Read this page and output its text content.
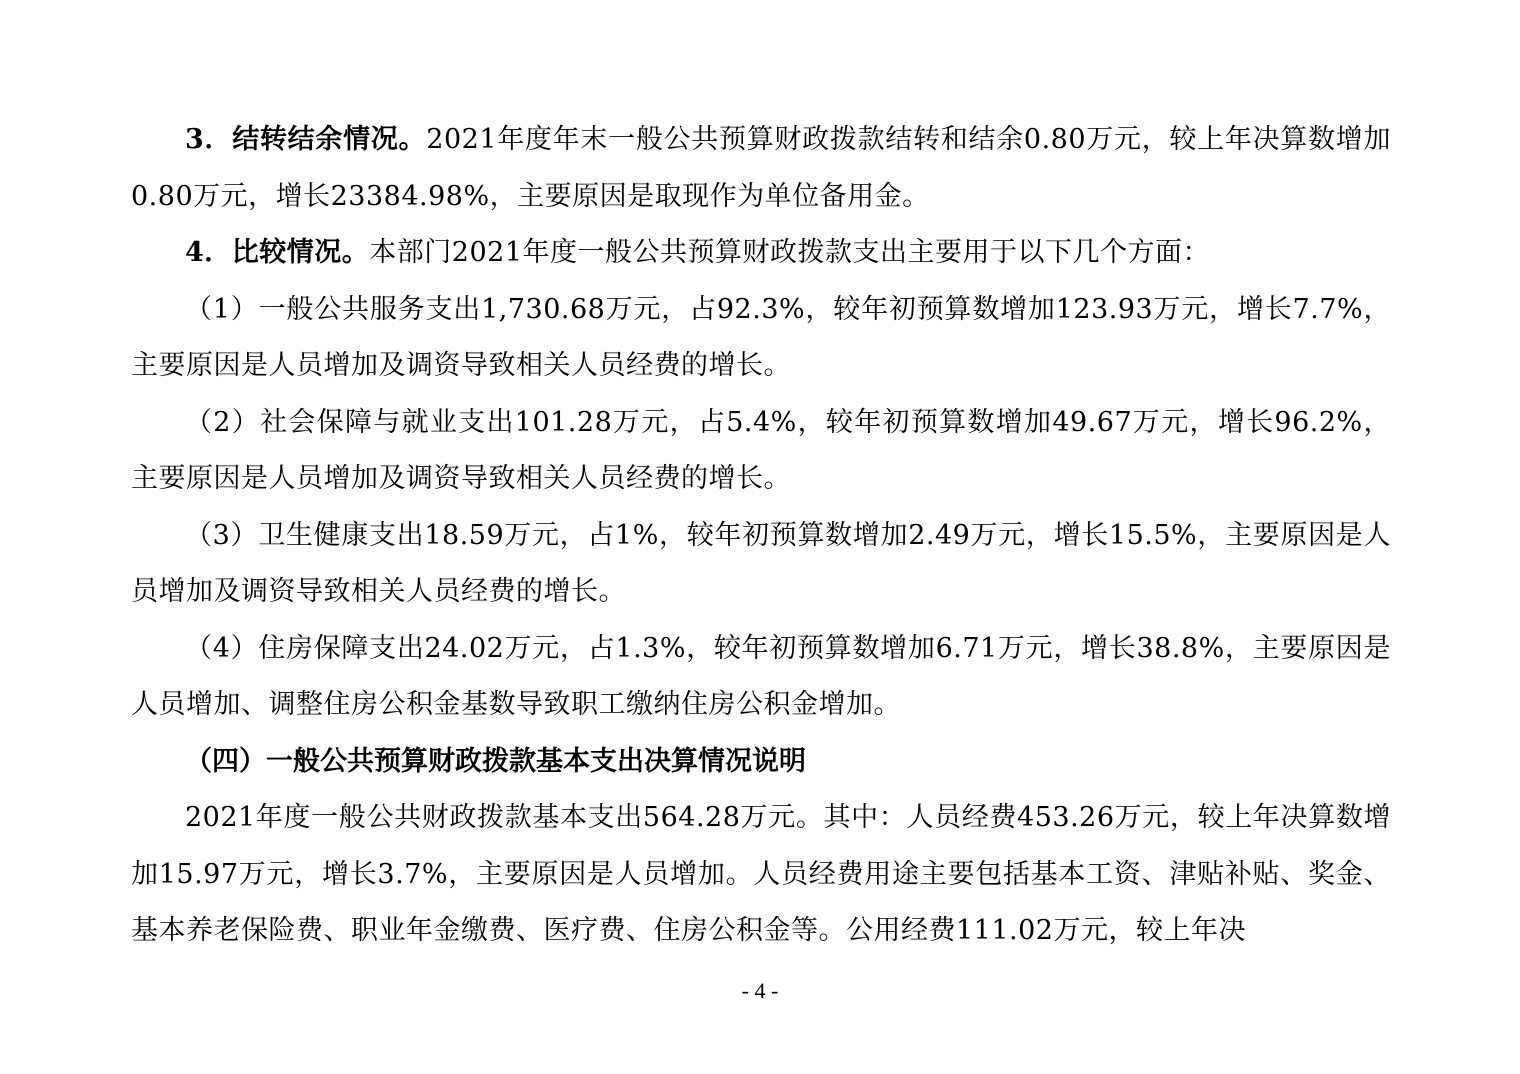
3．结转结余情况。2021年度年末一般公共预算财政拨款结转和结余0.80万元，较上年决算数增加0.80万元，增长23384.98%，主要原因是取现作为单位备用金。

4．比较情况。本部门2021年度一般公共预算财政拨款支出主要用于以下几个方面：

（1）一般公共服务支出1,730.68万元，占92.3%，较年初预算数增加123.93万元，增长7.7%，主要原因是人员增加及调资导致相关人员经费的增长。

（2）社会保障与就业支出101.28万元，占5.4%，较年初预算数增加49.67万元，增长96.2%，主要原因是人员增加及调资导致相关人员经费的增长。

（3）卫生健康支出18.59万元，占1%，较年初预算数增加2.49万元，增长15.5%，主要原因是人员增加及调资导致相关人员经费的增长。

（4）住房保障支出24.02万元，占1.3%，较年初预算数增加6.71万元，增长38.8%，主要原因是人员增加、调整住房公积金基数导致职工缴纳住房公积金增加。

（四）一般公共预算财政拨款基本支出决算情况说明

2021年度一般公共财政拨款基本支出564.28万元。其中：人员经费453.26万元，较上年决算数增加15.97万元，增长3.7%，主要原因是人员增加。人员经费用途主要包括基本工资、津贴补贴、奖金、基本养老保险费、职业年金缴费、医疗费、住房公积金等。公用经费111.02万元，较上年决

- 4 -
